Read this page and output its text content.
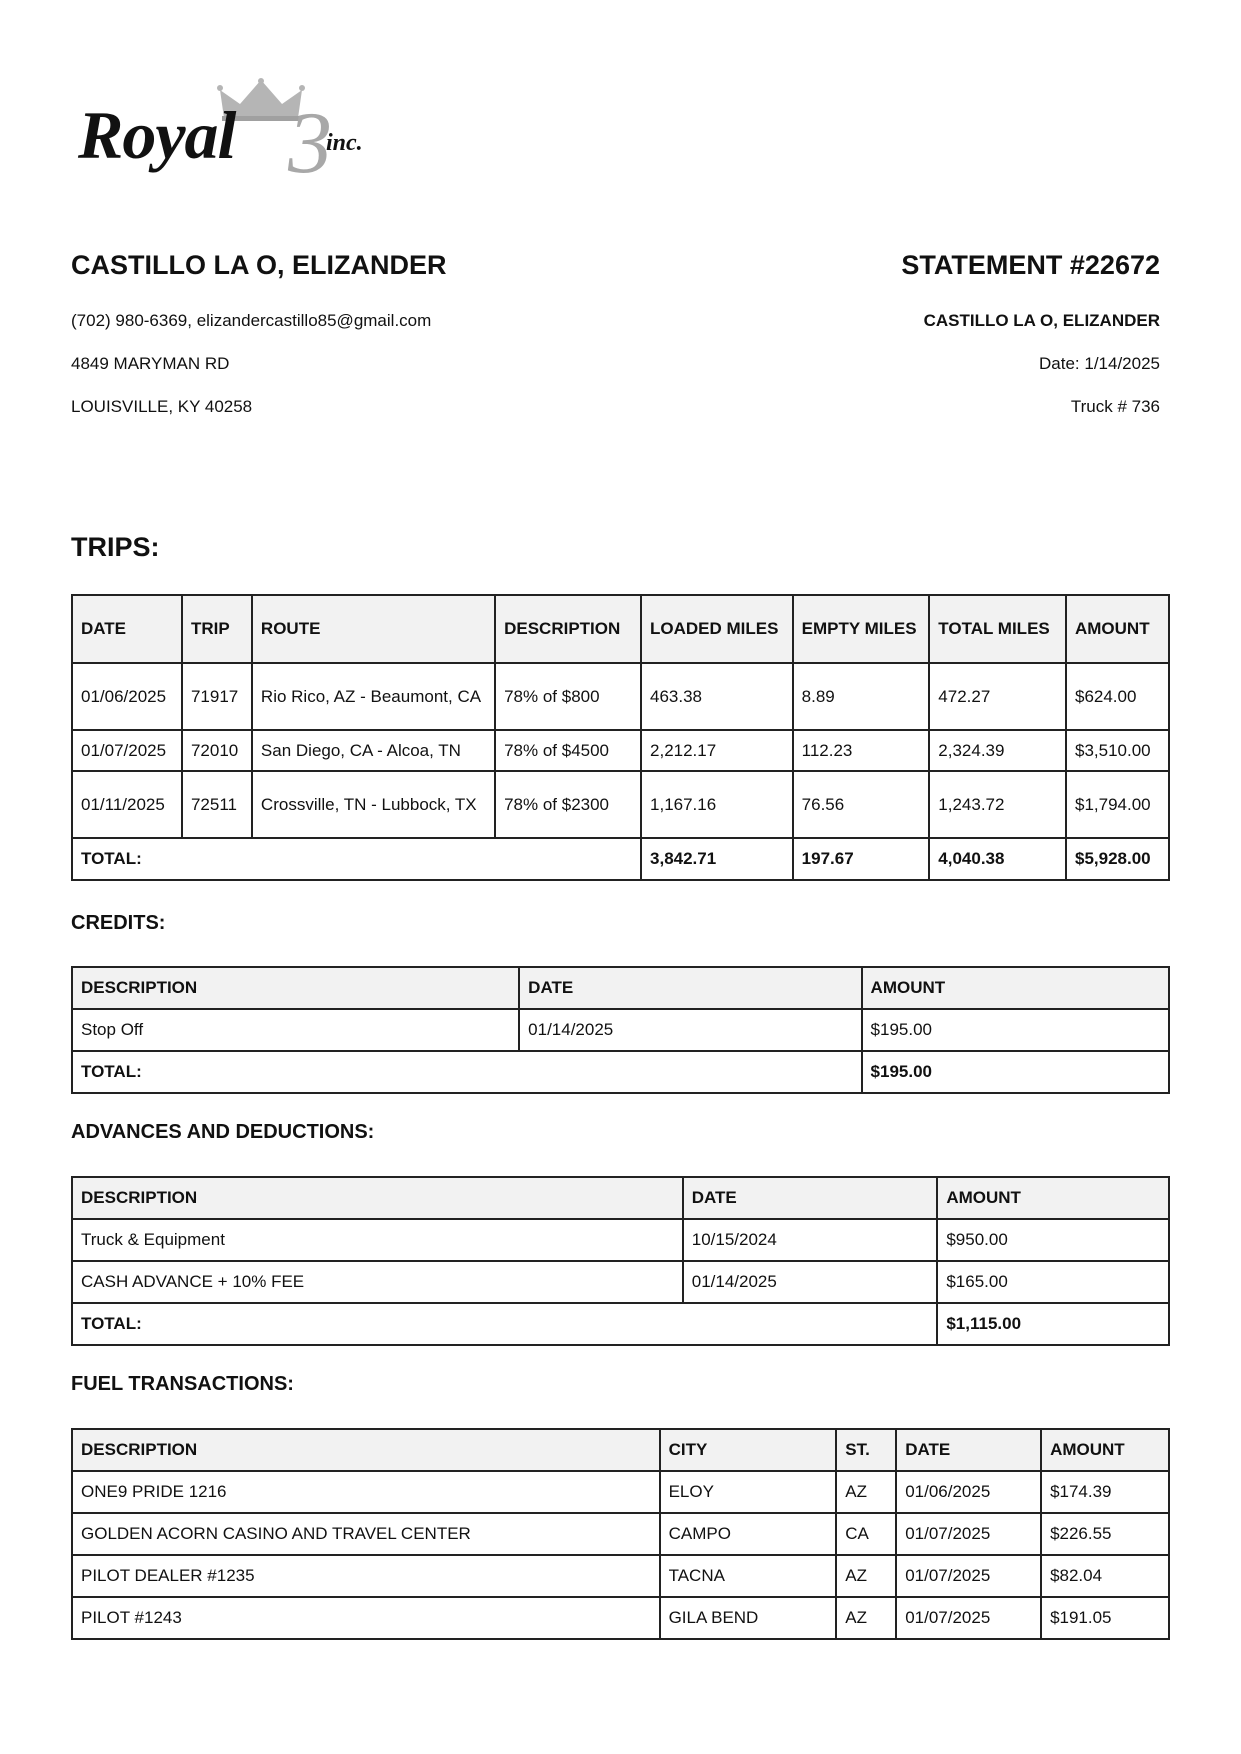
Royal 3
inc.
CASTILLO LA O, ELIZANDER
(702) 980-6369, elizandercastillo85@gmail.com
4849 MARYMAN RD
LOUISVILLE, KY 40258
STATEMENT #22672
CASTILLO LA O, ELIZANDER
Date: 1/14/2025
Truck # 736
TRIPS:
DATE	TRIP	ROUTE	DESCRIPTION	LOADED MILES	EMPTY MILES	TOTAL MILES	AMOUNT
01/06/2025	71917	Rio Rico, AZ - Beaumont, CA	78% of $800	463.38	8.89	472.27	$624.00
01/07/2025	72010	San Diego, CA - Alcoa, TN	78% of $4500	2,212.17	112.23	2,324.39	$3,510.00
01/11/2025	72511	Crossville, TN - Lubbock, TX	78% of $2300	1,167.16	76.56	1,243.72	$1,794.00
TOTAL:				3,842.71	197.67	4,040.38	$5,928.00
CREDITS:
DESCRIPTION	DATE	AMOUNT
Stop Off	01/14/2025	$195.00
TOTAL:		$195.00
ADVANCES AND DEDUCTIONS:
DESCRIPTION	DATE	AMOUNT
Truck & Equipment	10/15/2024	$950.00
CASH ADVANCE + 10% FEE	01/14/2025	$165.00
TOTAL:		$1,115.00
FUEL TRANSACTIONS:
DESCRIPTION	CITY	ST.	DATE	AMOUNT
ONE9 PRIDE 1216	ELOY	AZ	01/06/2025	$174.39
GOLDEN ACORN CASINO AND TRAVEL CENTER	CAMPO	CA	01/07/2025	$226.55
PILOT DEALER #1235	TACNA	AZ	01/07/2025	$82.04
PILOT #1243	GILA BEND	AZ	01/07/2025	$191.05
